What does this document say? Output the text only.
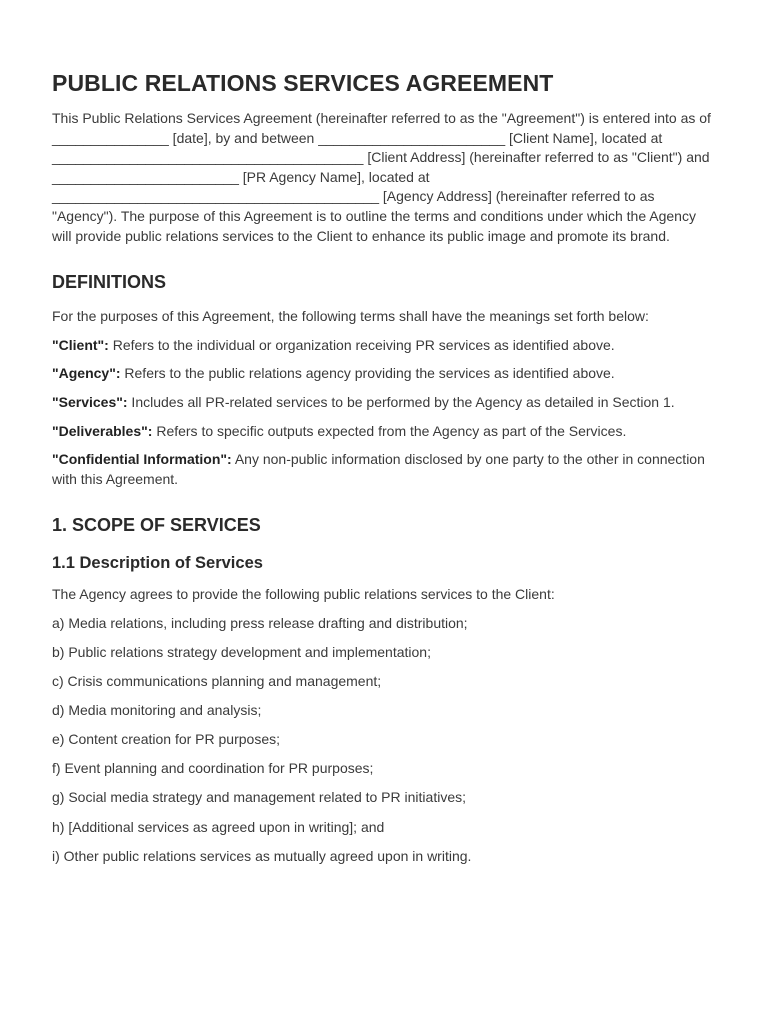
PUBLIC RELATIONS SERVICES AGREEMENT

This Public Relations Services Agreement (hereinafter referred to as the "Agreement") is entered into as of _______________ [date], by and between ________________________ [Client Name], located at ________________________________________ [Client Address] (hereinafter referred to as "Client") and ________________________ [PR Agency Name], located at __________________________________________ [Agency Address] (hereinafter referred to as "Agency"). The purpose of this Agreement is to outline the terms and conditions under which the Agency will provide public relations services to the Client to enhance its public image and promote its brand.

DEFINITIONS

For the purposes of this Agreement, the following terms shall have the meanings set forth below:

"Client": Refers to the individual or organization receiving PR services as identified above.

"Agency": Refers to the public relations agency providing the services as identified above.

"Services": Includes all PR-related services to be performed by the Agency as detailed in Section 1.

"Deliverables": Refers to specific outputs expected from the Agency as part of the Services.

"Confidential Information": Any non-public information disclosed by one party to the other in connection with this Agreement.

1. SCOPE OF SERVICES
1.1 Description of Services

The Agency agrees to provide the following public relations services to the Client:

a) Media relations, including press release drafting and distribution;
b) Public relations strategy development and implementation;
c) Crisis communications planning and management;
d) Media monitoring and analysis;
e) Content creation for PR purposes;
f) Event planning and coordination for PR purposes;
g) Social media strategy and management related to PR initiatives;
h) [Additional services as agreed upon in writing]; and
i) Other public relations services as mutually agreed upon in writing.
